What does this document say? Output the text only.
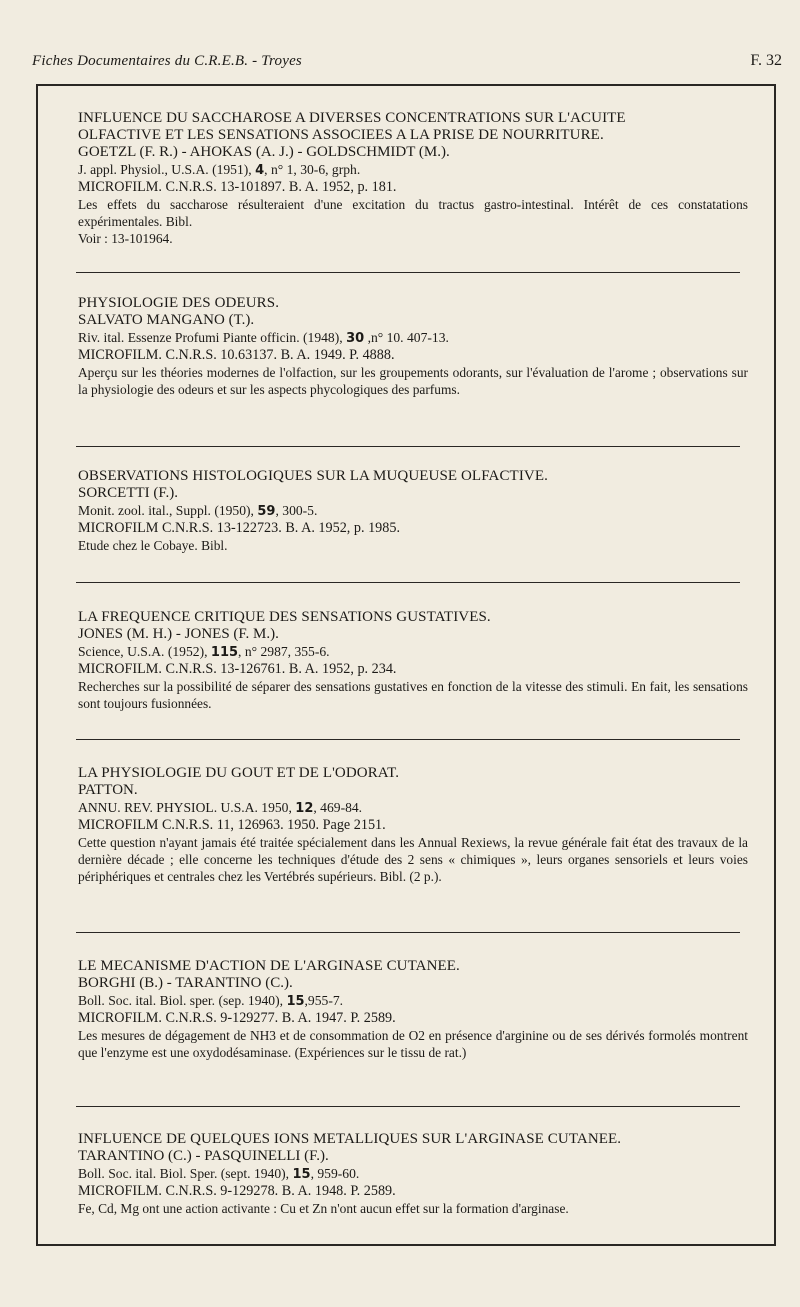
Fiches Documentaires du C.R.E.B. - Troyes	F. 32
INFLUENCE DU SACCHAROSE A DIVERSES CONCENTRATIONS SUR L'ACUITE
OLFACTIVE ET LES SENSATIONS ASSOCIEES A LA PRISE DE NOURRITURE.
GOETZL (F. R.) - AHOKAS (A. J.) - GOLDSCHMIDT (M.).
J. appl. Physiol., U.S.A. (1951), 4, n° 1, 30-6, grph.
MICROFILM. C.N.R.S. 13-101897. B. A. 1952, p. 181.
Les effets du saccharose résulteraient d'une excitation du tractus gastro-intestinal. Intérêt de ces constatations expérimentales. Bibl.
Voir : 13-101964.
PHYSIOLOGIE DES ODEURS.
SALVATO MANGANO (T.).
Riv. ital. Essenze Profumi Piante officin. (1948), 30 ,n° 10. 407-13.
MICROFILM. C.N.R.S. 10.63137. B. A. 1949. P. 4888.
Aperçu sur les théories modernes de l'olfaction, sur les groupements odorants, sur l'évaluation de l'arome ; observations sur la physiologie des odeurs et sur les aspects phycologiques des parfums.
OBSERVATIONS HISTOLOGIQUES SUR LA MUQUEUSE OLFACTIVE.
SORCETTI (F.).
Monit. zool. ital., Suppl. (1950), 59, 300-5.
MICROFILM C.N.R.S. 13-122723. B. A. 1952, p. 1985.
Etude chez le Cobaye. Bibl.
LA FREQUENCE CRITIQUE DES SENSATIONS GUSTATIVES.
JONES (M. H.) - JONES (F. M.).
Science, U.S.A. (1952), 115, n° 2987, 355-6.
MICROFILM. C.N.R.S. 13-126761. B. A. 1952, p. 234.
Recherches sur la possibilité de séparer des sensations gustatives en fonction de la vitesse des stimuli. En fait, les sensations sont toujours fusionnées.
LA PHYSIOLOGIE DU GOUT ET DE L'ODORAT.
PATTON.
ANNU. REV. PHYSIOL. U.S.A. 1950, 12, 469-84.
MICROFILM C.N.R.S. 11, 126963. 1950. Page 2151.
Cette question n'ayant jamais été traitée spécialement dans les Annual Rexiews, la revue générale fait état des travaux de la dernière décade ; elle concerne les techniques d'étude des 2 sens « chimiques », leurs organes sensoriels et leurs voies périphériques et centrales chez les Vertébrés supérieurs. Bibl. (2 p.).
LE MECANISME D'ACTION DE L'ARGINASE CUTANEE.
BORGHI (B.) - TARANTINO (C.).
Boll. Soc. ital. Biol. sper. (sep. 1940), 15,955-7.
MICROFILM. C.N.R.S. 9-129277. B. A. 1947. P. 2589.
Les mesures de dégagement de NH3 et de consommation de O2 en présence d'arginine ou de ses dérivés formolés montrent que l'enzyme est une oxydodésaminase. (Expériences sur le tissu de rat.)
INFLUENCE DE QUELQUES IONS METALLIQUES SUR L'ARGINASE CUTANEE.
TARANTINO (C.) - PASQUINELLI (F.).
Boll. Soc. ital. Biol. Sper. (sept. 1940), 15, 959-60.
MICROFILM. C.N.R.S. 9-129278. B. A. 1948. P. 2589.
Fe, Cd, Mg ont une action activante : Cu et Zn n'ont aucun effet sur la formation d'arginase.
